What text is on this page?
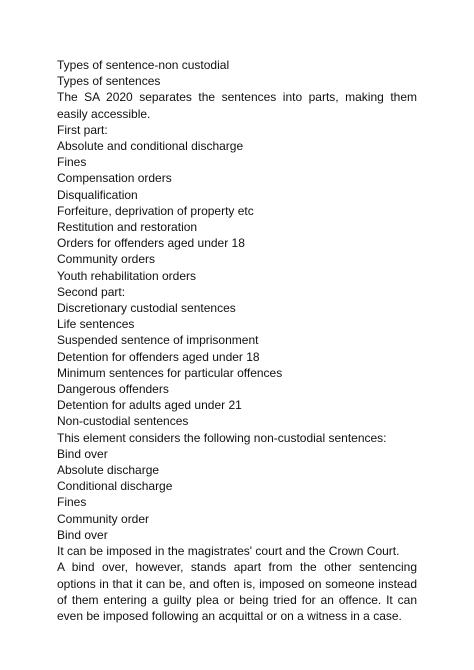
Types of sentence-non custodial

Types of sentences

The SA 2020 separates the sentences into parts, making them easily accessible.

First part:

Absolute and conditional discharge

Fines

Compensation orders

Disqualification

Forfeiture, deprivation of property etc

Restitution and restoration

Orders for offenders aged under 18

Community orders

Youth rehabilitation orders

Second part:

Discretionary custodial sentences

Life sentences

Suspended sentence of imprisonment

Detention for offenders aged under 18

Minimum sentences for particular offences

Dangerous offenders

Detention for adults aged under 21

Non-custodial sentences

This element considers the following non-custodial sentences:

Bind over

Absolute discharge

Conditional discharge

Fines

Community order

Bind over

It can be imposed in the magistrates' court and the Crown Court.

A bind over, however, stands apart from the other sentencing options in that it can be, and often is, imposed on someone instead of them entering a guilty plea or being tried for an offence. It can even be imposed following an acquittal or on a witness in a case.
